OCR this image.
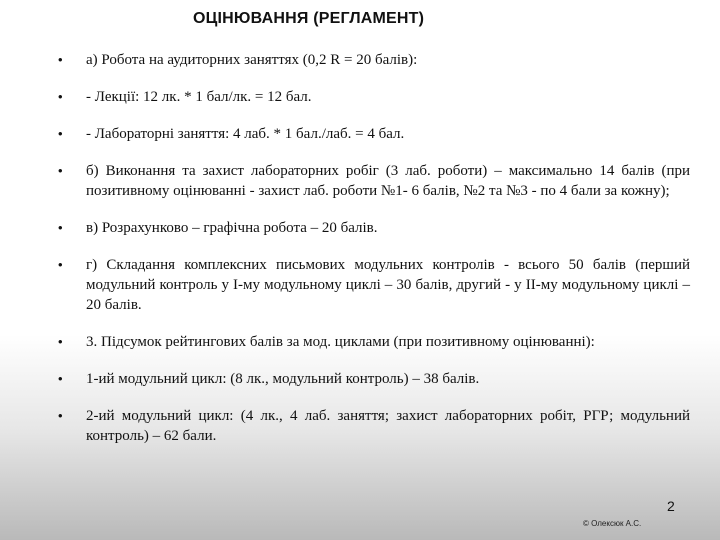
ОЦІНЮВАННЯ (РЕГЛАМЕНТ)
• а) Робота на аудиторних заняттях (0,2 R = 20 балів):
• - Лекції: 12 лк. * 1 бал/лк. = 12 бал.
• - Лабораторні заняття: 4 лаб. * 1 бал./лаб. = 4 бал.
• б) Виконання та захист лабораторних робіг (3 лаб. роботи) – максимально 14 балів (при позитивному оцінюванні - захист лаб. роботи №1- 6 балів, №2 та №3 - по 4 бали за кожну);
• в) Розрахунково – графічна робота – 20 балів.
• г) Складання комплексних письмових модульних контролів - всього 50 балів (перший модульний контроль у І-му модульному циклі – 30 балів, другий - у ІІ-му модульному циклі – 20 балів.
• 3. Підсумок рейтингових балів за мод. циклами (при позитивному оцінюванні):
• 1-ий модульний цикл: (8 лк., модульний контроль) – 38 балів.
• 2-ий модульний цикл: (4 лк., 4 лаб. заняття; захист лабораторних робіт, РГР; модульний контроль) – 62 бали.
2
© Олексюк А.С.
